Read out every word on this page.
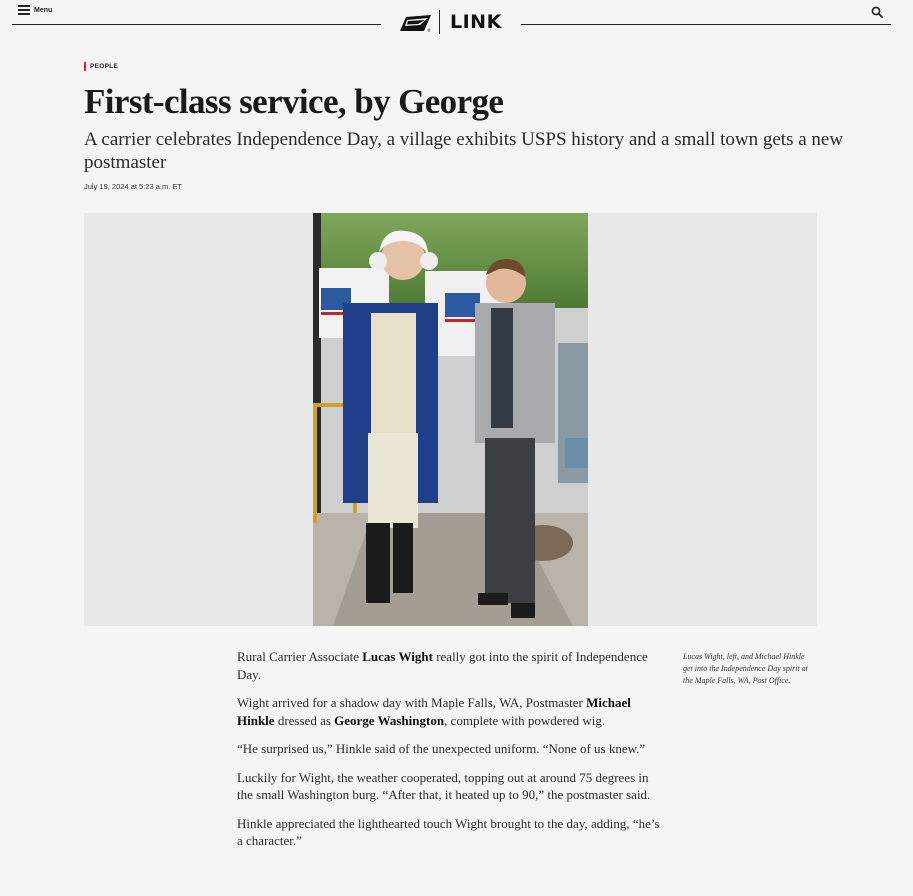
Menu
® LINK
PEOPLE
First-class service, by George

A carrier celebrates Independence Day, a village exhibits USPS history and a small town gets a new postmaster

July 19, 2024 at 5:23 a.m. ET

Rural Carrier Associate Lucas Wight really got into the spirit of Independence Day.

Wight arrived for a shadow day with Maple Falls, WA, Postmaster Michael Hinkle dressed as George Washington, complete with powdered wig.

“He surprised us,” Hinkle said of the unexpected uniform. “None of us knew.”

Luckily for Wight, the weather cooperated, topping out at around 75 degrees in the small Washington burg. “After that, it heated up to 90,” the postmaster said.

Hinkle appreciated the lighthearted touch Wight brought to the day, adding, “he’s a character.”

Lucas Wight, left, and Michael Hinkle get into the Independence Day spirit at the Maple Falls, WA, Post Office.
